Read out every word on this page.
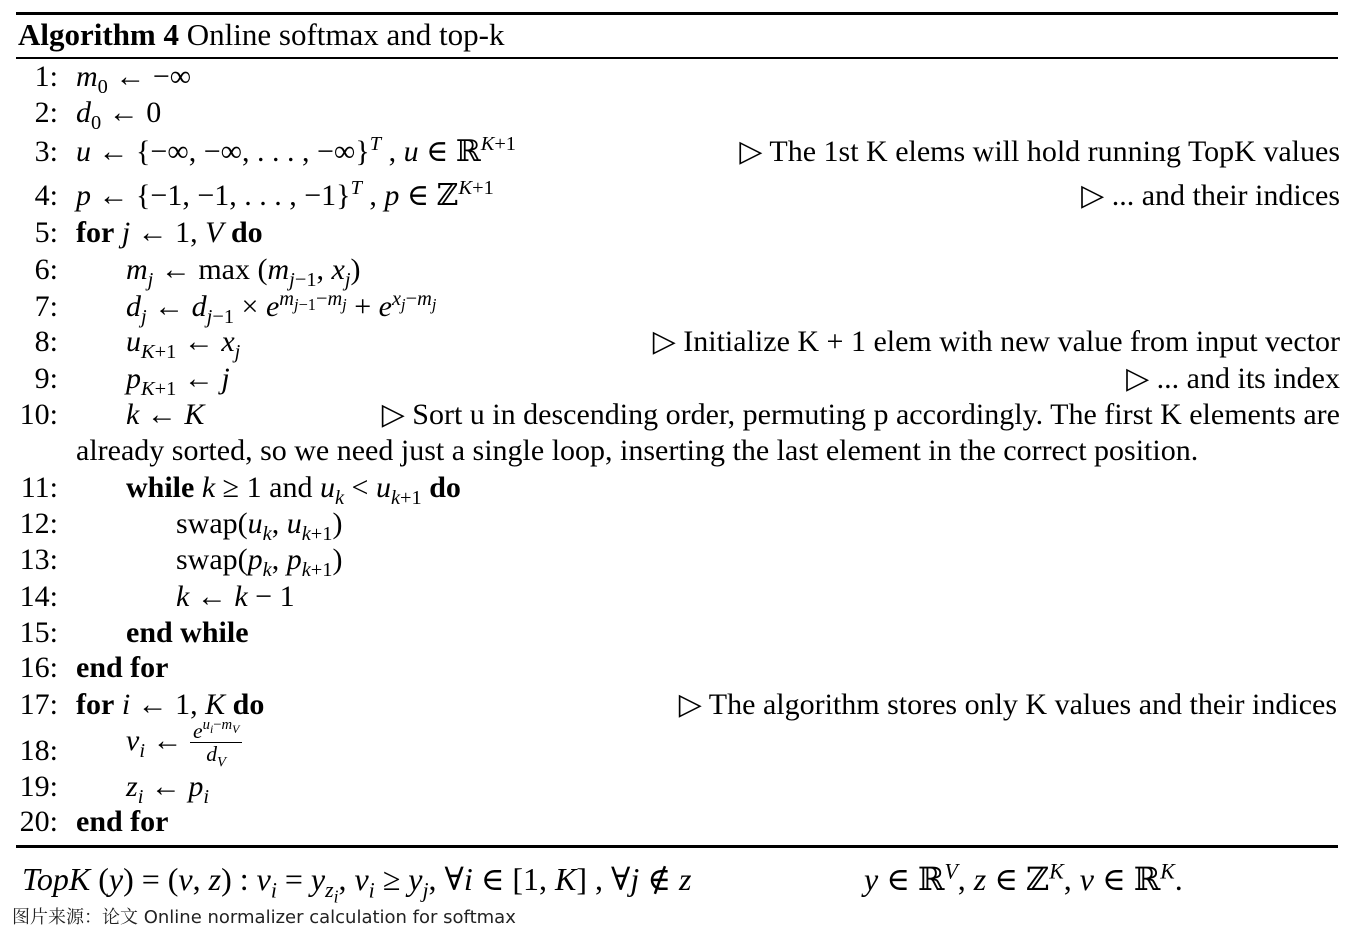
Algorithm 4 Online softmax and top-k
1: $m_0$ ← −∞
2: $d_0$ ← 0
3: u ← {−∞, −∞, . . . , −∞}$^T$ , u ∈ ℝ$^{K+1}$	▷ The 1st K elems will hold running TopK values
4: p ← {−1, −1, . . . , −1}$^T$ , p ∈ ℤ$^{K+1}$	▷ ... and their indices
5: for j ← 1, V do
6: $m_j$ ← $\max (m_{j-1}$, $x_j$)
7: $d_j$ ← $d_{j-1} \times e^{m_{j-1}-m_j} + e^{x_j-m_j}$
8: $u_{K+1}$ ← $x_j$	▷ Initialize K + 1 elem with new value from input vector
9: $p_{K+1}$ ← j	▷ ... and its index
10: k ← K	▷ Sort u in descending order, permuting p accordingly. The first K elements are
already sorted, so we need just a single loop, inserting the last element in the correct position.
11: while k ≥ 1 and $u_k < u_{k+1}$ do
12:	$swap(u_k$, $u_{k+1}$)
13:	$swap(p_k$, $p_{k+1}$)
14:	k ← k − 1
15: end while
16: end for
17: for i ← 1, K do	▷ The algorithm stores only K values and their indices
18: $v_i$ ← $\frac{e^{u_i-m_V}}{d_V}$
19: $z_i$ ← $p_i$
20: end for
TopK (y) = (v, z) : $v_i = y_{z_i}$, $v_i \ge y_j$, ∀i ∈ [1, K] , ∀j ∉ z	y ∈ ℝ$^V$, z ∈ ℤ$^K$, v ∈ ℝ$^K$.
图片来源：论文 Online normalizer calculation for softmax
